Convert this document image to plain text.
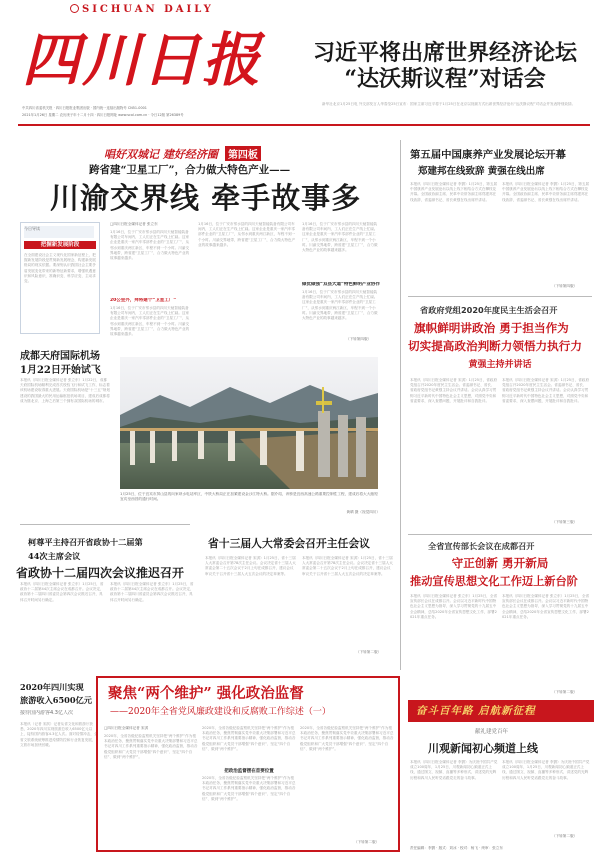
SICHUAN DAILY
四川日报
中共四川省委机关报 · 四川日报报业集团出版 · 国内统一连续出版物号 CN51-0001
2021年1月26日 星期二 农历庚子年十二月十四 · 四川日报网址 www.scol.com.cn · 今日12版 第26389号
习近平将出席世界经济论坛
“达沃斯议程”对话会
新华社北京1月25日电 外交部发言人华春莹25日宣布：国家主席习近平将于1月25日在北京以视频方式出席世界经济论坛“达沃斯议程”对话会并发表特别致辞。
唱好双城记 建好经济圈 第四板
跨省建“卫星工厂”，合力做大特色产业——
川渝交界线 牵手故事多
□四川日报全媒体记者 张立东
1月16日，位于广安市邻水县的四川天驰智能装备有限公司车间内，工人们正在生产线上忙碌。这家企业是重庆一家汽车零部件企业的“卫星工厂”，从邻水到重庆两江新区，车程不到一个小时。川渝交界地带，跨省建“卫星工厂”，合力做大特色产业的故事越来越多。
20公里外，拜将建个“卫星工厂”
1月16日，位于广安市邻水县的四川天驰智能装备有限公司车间内，工人们正在生产线上忙碌。这家企业是重庆一家汽车零部件企业的“卫星工厂”，从邻水到重庆两江新区，车程不到一个小时。川渝交界地带，跨省建“卫星工厂”，合力做大特色产业的故事越来越多。
1月16日，位于广安市邻水县的四川天驰智能装备有限公司车间内，工人们正在生产线上忙碌。这家企业是重庆一家汽车零部件企业的“卫星工厂”，从邻水到重庆两江新区，车程不到一个小时。川渝交界地带，跨省建“卫星工厂”，合力做大特色产业的故事越来越多。
1月16日，位于广安市邻水县的四川天驰智能装备有限公司车间内，工人们正在生产线上忙碌。这家企业是重庆一家汽车零部件企业的“卫星工厂”，从邻水到重庆两江新区，车程不到一个小时。川渝交界地带，跨省建“卫星工厂”，合力做大特色产业的故事越来越多。
做优做强“双县大道”特色鲜明产业协作
1月16日，位于广安市邻水县的四川天驰智能装备有限公司车间内，工人们正在生产线上忙碌。这家企业是重庆一家汽车零部件企业的“卫星工厂”，从邻水到重庆两江新区，车程不到一个小时。川渝交界地带，跨省建“卫星工厂”，合力做大特色产业的故事越来越多。
（下转第四版）
今日导读
把握新发展阶段
在全面建设社会主义现代化国家新征程上，把握新发展阶段是贯彻新发展理念、构建新发展格局的现实依据。要深刻认识我国社会主要矛盾发展变化带来的新特征新要求，增强机遇意识和风险意识，准确识变、科学应变、主动求变。
成都天府国际机场
1月22日开始试飞
本报讯（四川日报全媒体记者 张立东）1月22日，成都天府国际机场顺利完成首次校验飞行和试飞工作，标志着该机场建设取得重大进展。天府国际机场是“十三五”规划建设的我国最大的民用运输枢纽机场项目，建成后成都将成为继北京、上海之后第三个拥有双国际机场的城市。
柯尊平主持召开省政协十二届第
44次主席会议
省政协十二届四次会议推迟召开
本报讯（四川日报全媒体记者 张立东）1月25日，省政协十二届第44次主席会议在成都召开。会议决定，政协第十二届四川省委员会第四次会议推迟召开，具体召开时间另行确定。
本报讯（四川日报全媒体记者 张立东）1月25日，省政协十二届第44次主席会议在成都召开。会议决定，政协第十二届四川省委员会第四次会议推迟召开，具体召开时间另行确定。
2020年四川实现
旅游收入6500亿元
接待国内游客4.3亿人次
本报讯（记者 宋淇）记者从省文化和旅游厅获悉，2020年四川实现旅游总收入6500亿元以上，接待国内游客4.3亿人次。面对疫情冲击，全省文旅系统统筹推进疫情防控和行业恢复发展，文旅市场加快回暖。
1月25日，位于宜宾市屏山县的向家坝水电站库区，中铁大桥局正在加紧建设金沙江特大桥。据介绍，该桥是宜西高速公路重要控制性工程，建成后将大大缩短宜宾至西昌的通行时间。
黄晴 摄（视觉四川）
省十三届人大常委会召开主任会议
本报讯（四川日报全媒体记者 宋淇）1月25日，省十三届人大常委会召开第78次主任会议。会议决定省十三届人大常委会第二十五次会议于2月上旬在成都召开，建议会议审议关于召开省十三届人大五次会议的决定草案等。
本报讯（四川日报全媒体记者 宋淇）1月25日，省十三届人大常委会召开第78次主任会议。会议决定省十三届人大常委会第二十五次会议于2月上旬在成都召开，建议会议审议关于召开省十三届人大五次会议的决定草案等。
（下转第二版）
聚焦“两个维护” 强化政治监督
——2020年全省党风廉政建设和反腐败工作综述（一）
□四川日报全媒体记者 宋淇
2020年，全省各级纪检监察机关坚持把“两个维护”作为根本政治任务，聚焦贯彻落实党中央重大决策部署和习近平总书记对四川工作系列重要指示精神，强化政治监督，推动各级党组织和广大党员干部增强“四个意识”、坚定“四个自信”、做到“两个维护”。
2020年，全省各级纪检监察机关坚持把“两个维护”作为根本政治任务，聚焦贯彻落实党中央重大决策部署和习近平总书记对四川工作系列重要指示精神，强化政治监督，推动各级党组织和广大党员干部增强“四个意识”、坚定“四个自信”、做到“两个维护”。
把政治监督摆在首要位置
2020年，全省各级纪检监察机关坚持把“两个维护”作为根本政治任务，聚焦贯彻落实党中央重大决策部署和习近平总书记对四川工作系列重要指示精神，强化政治监督，推动各级党组织和广大党员干部增强“四个意识”、坚定“四个自信”、做到“两个维护”。
2020年，全省各级纪检监察机关坚持把“两个维护”作为根本政治任务，聚焦贯彻落实党中央重大决策部署和习近平总书记对四川工作系列重要指示精神，强化政治监督，推动各级党组织和广大党员干部增强“四个意识”、坚定“四个自信”、做到“两个维护”。
（下转第二版）
第五届中国康养产业发展论坛开幕
郑建邦在线致辞 黄强在线出席
本报讯（四川日报全媒体记者 李寰）1月25日，第五届中国康养产业发展论坛以线上线下相结合方式在攀枝花开幕。全国政协副主席、民革中央常务副主席郑建邦在线致辞，省委副书记、省长黄强在线出席并讲话。
本报讯（四川日报全媒体记者 李寰）1月25日，第五届中国康养产业发展论坛以线上线下相结合方式在攀枝花开幕。全国政协副主席、民革中央常务副主席郑建邦在线致辞，省委副书记、省长黄强在线出席并讲话。
（下转第四版）
省政府党组2020年度民主生活会召开
旗帜鲜明讲政治 勇于担当作为
切实提高政治判断力领悟力执行力
黄强主持并讲话
本报讯（四川日报全媒体记者 宋淇）1月25日，省政府党组召开2020年度民主生活会。省委副书记、省长、省政府党组书记黄强主持会议并讲话。会议认真学习贯彻习近平新时代中国特色社会主义思想，对照党中央和省委要求，深入查摆问题，开展批评和自我批评。
本报讯（四川日报全媒体记者 宋淇）1月25日，省政府党组召开2020年度民主生活会。省委副书记、省长、省政府党组书记黄强主持会议并讲话。会议认真学习贯彻习近平新时代中国特色社会主义思想，对照党中央和省委要求，深入查摆问题，开展批评和自我批评。
（下转第三版）
全省宣传部长会议在成都召开
守正创新 勇开新局
推动宣传思想文化工作迈上新台阶
本报讯（四川日报全媒体记者 张立东）1月25日，全省宣传部长会议在成都召开。会议以习近平新时代中国特色社会主义思想为指导，深入学习贯彻党的十九届五中全会精神，总结2020年全省宣传思想文化工作，部署2021年重点任务。
本报讯（四川日报全媒体记者 张立东）1月25日，全省宣传部长会议在成都召开。会议以习近平新时代中国特色社会主义思想为指导，深入学习贯彻党的十九届五中全会精神，总结2020年全省宣传思想文化工作，部署2021年重点任务。
（下转第二版）
奋斗百年路 启航新征程
献礼建党百年
川观新闻初心频道上线
本报讯（四川日报全媒体记者 李寰）为庆祝中国共产党成立100周年，1月25日，川观新闻初心频道正式上线，通过图文、视频、直播等多种形式，讲述党的光辉历程和四川人民听党话跟党走的奋斗故事。
本报讯（四川日报全媒体记者 李寰）为庆祝中国共产党成立100周年，1月25日，川观新闻初心频道正式上线，通过图文、视频、直播等多种形式，讲述党的光辉历程和四川人民听党话跟党走的奋斗故事。
（下转第二版）
责任编辑：李寰 · 版式：刘冰 · 校对：杨飞 · 终审：张立东
